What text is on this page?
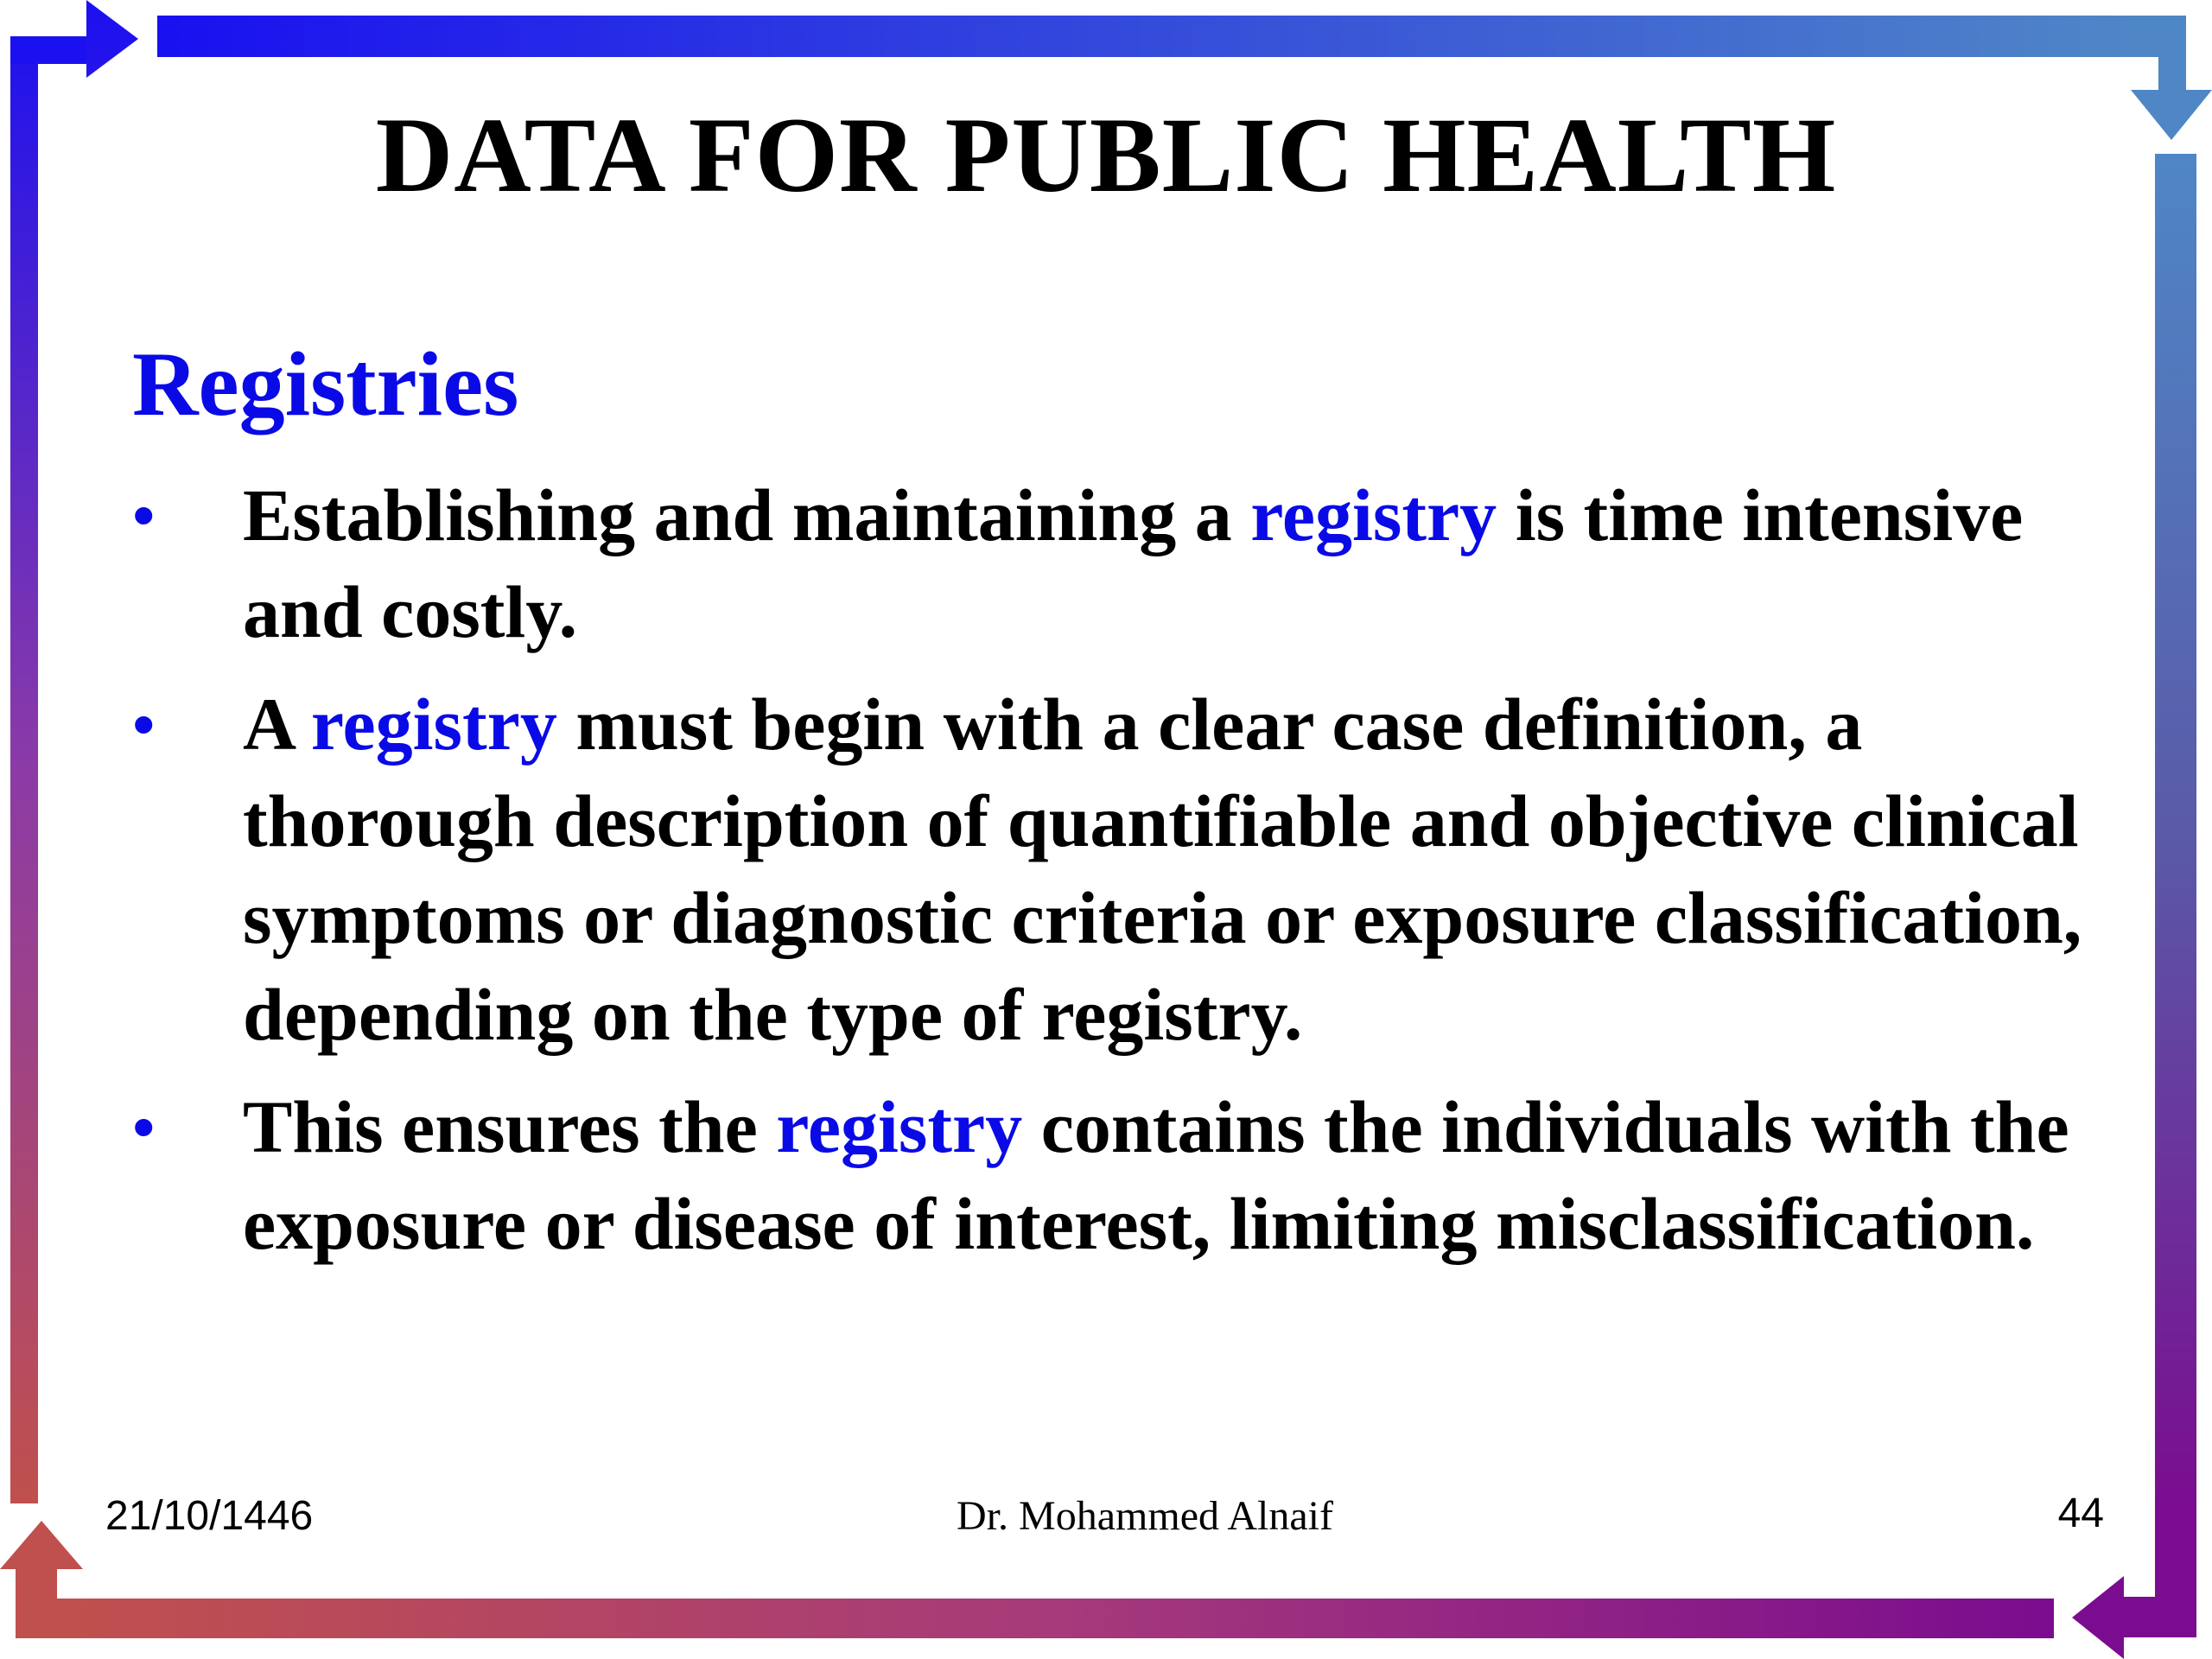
DATA FOR PUBLIC HEALTH
Registries
• Establishing and maintaining a registry is time intensive and costly.
• A registry must begin with a clear case definition, a thorough description of quantifiable and objective clinical symptoms or diagnostic criteria or exposure classification, depending on the type of registry.
• This ensures the registry contains the individuals with the exposure or disease of interest, limiting misclassification.
21/10/1446	Dr. Mohammed Alnaif	44
